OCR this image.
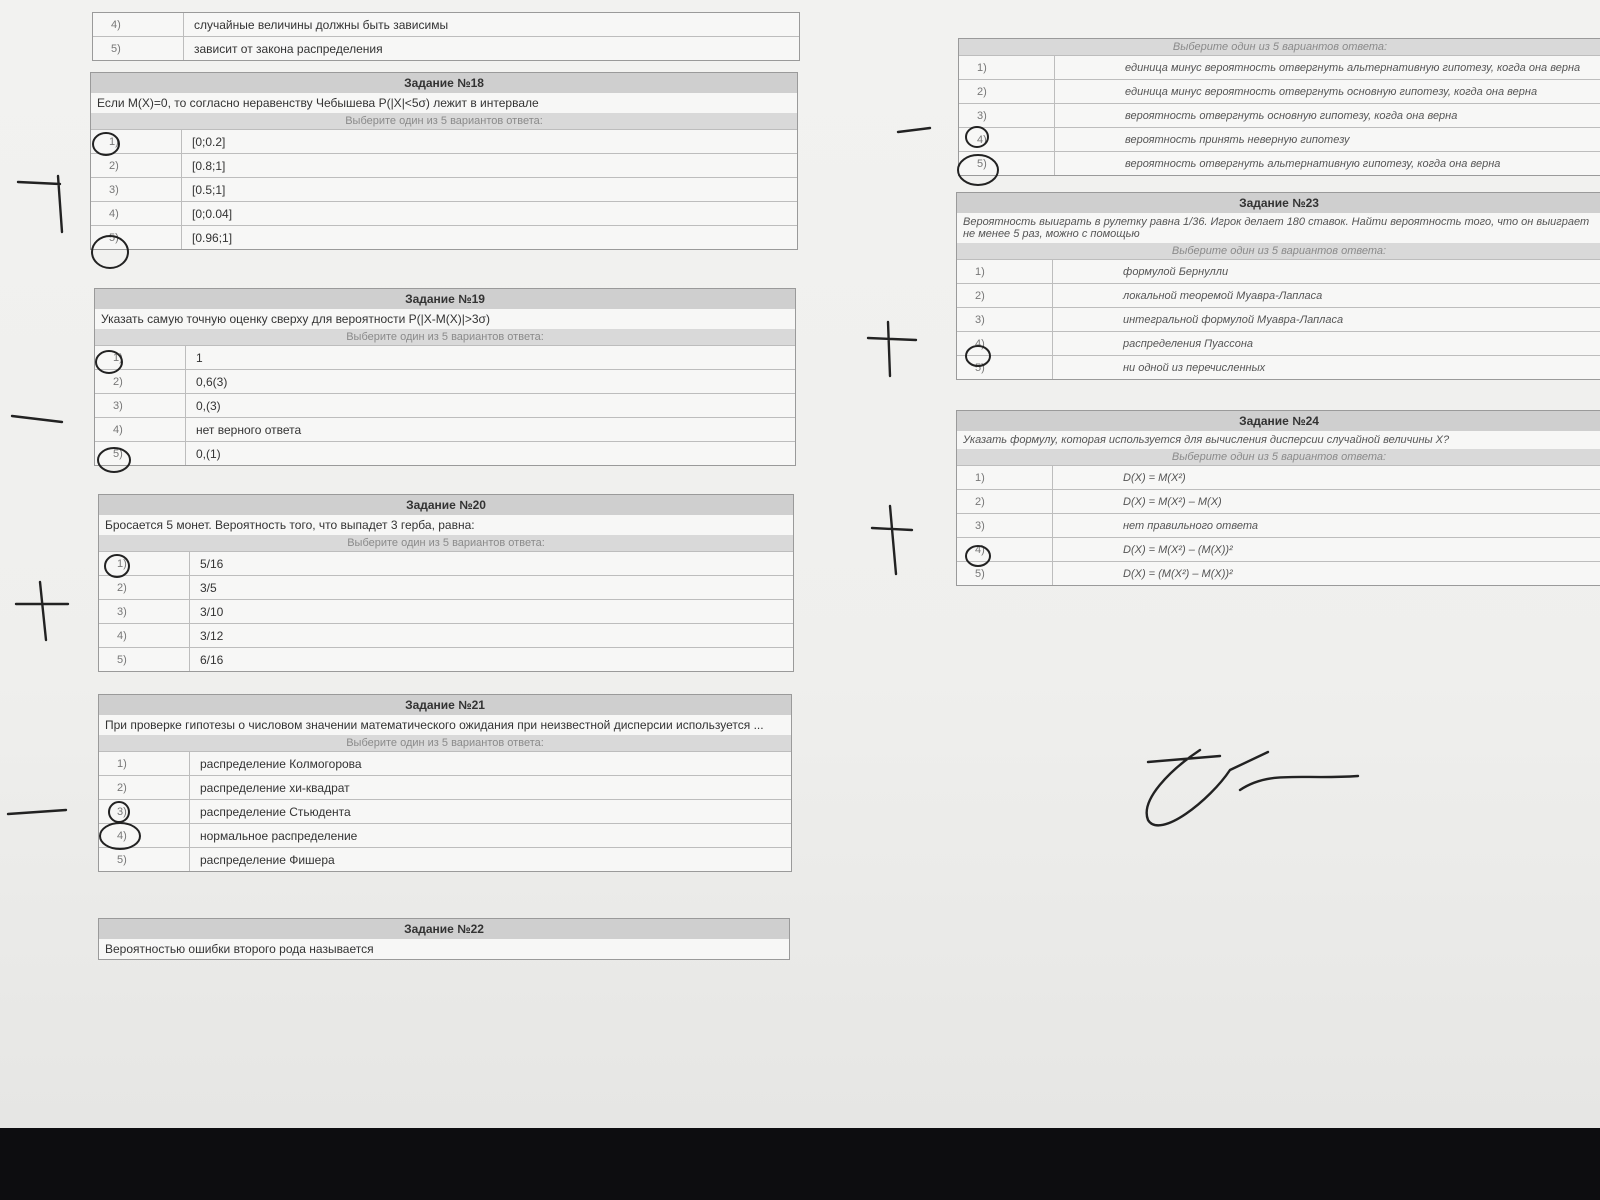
4)	случайные величины должны быть зависимы
5)	зависит от закона распределения
Задание №18
Если M(X)=0, то согласно неравенству Чебышева P(|X|<5σ) лежит в интервале
Выберите один из 5 вариантов ответа:
1)	[0;0.2]
2)	[0.8;1]
3)	[0.5;1]
4)	[0;0.04]
5)	[0.96;1]
Задание №19
Указать самую точную оценку сверху для вероятности P(|X-M(X)|>3σ)
Выберите один из 5 вариантов ответа:
1)	1
2)	0,6(3)
3)	0,(3)
4)	нет верного ответа
5)	0,(1)
Задание №20
Бросается 5 монет. Вероятность того, что выпадет 3 герба, равна:
Выберите один из 5 вариантов ответа:
1)	5/16
2)	3/5
3)	3/10
4)	3/12
5)	6/16
Задание №21
При проверке гипотезы о числовом значении математического ожидания при неизвестной дисперсии используется ...
Выберите один из 5 вариантов ответа:
1)	распределение Колмогорова
2)	распределение хи-квадрат
3)	распределение Стьюдента
4)	нормальное распределение
5)	распределение Фишера
Задание №22
Вероятностью ошибки второго рода называется
Выберите один из 5 вариантов ответа:
1)	единица минус вероятность отвергнуть альтернативную гипотезу, когда она верна
2)	единица минус вероятность отвергнуть основную гипотезу, когда она верна
3)	вероятность отвергнуть основную гипотезу, когда она верна
4)	вероятность принять неверную гипотезу
5)	вероятность отвергнуть альтернативную гипотезу, когда она верна
Задание №23
Вероятность выиграть в рулетку равна 1/36. Игрок делает 180 ставок. Найти вероятность того, что он выиграет не менее 5 раз, можно с помощью
Выберите один из 5 вариантов ответа:
1)	формулой Бернулли
2)	локальной теоремой Муавра-Лапласа
3)	интегральной формулой Муавра-Лапласа
4)	распределения Пуассона
5)	ни одной из перечисленных
Задание №24
Указать формулу, которая используется для вычисления дисперсии случайной величины X?
Выберите один из 5 вариантов ответа:
1)	D(X) = M(X²)
2)	D(X) = M(X²) – M(X)
3)	нет правильного ответа
4)	D(X) = M(X²) – (M(X))²
5)	D(X) = (M(X²) – M(X))²
